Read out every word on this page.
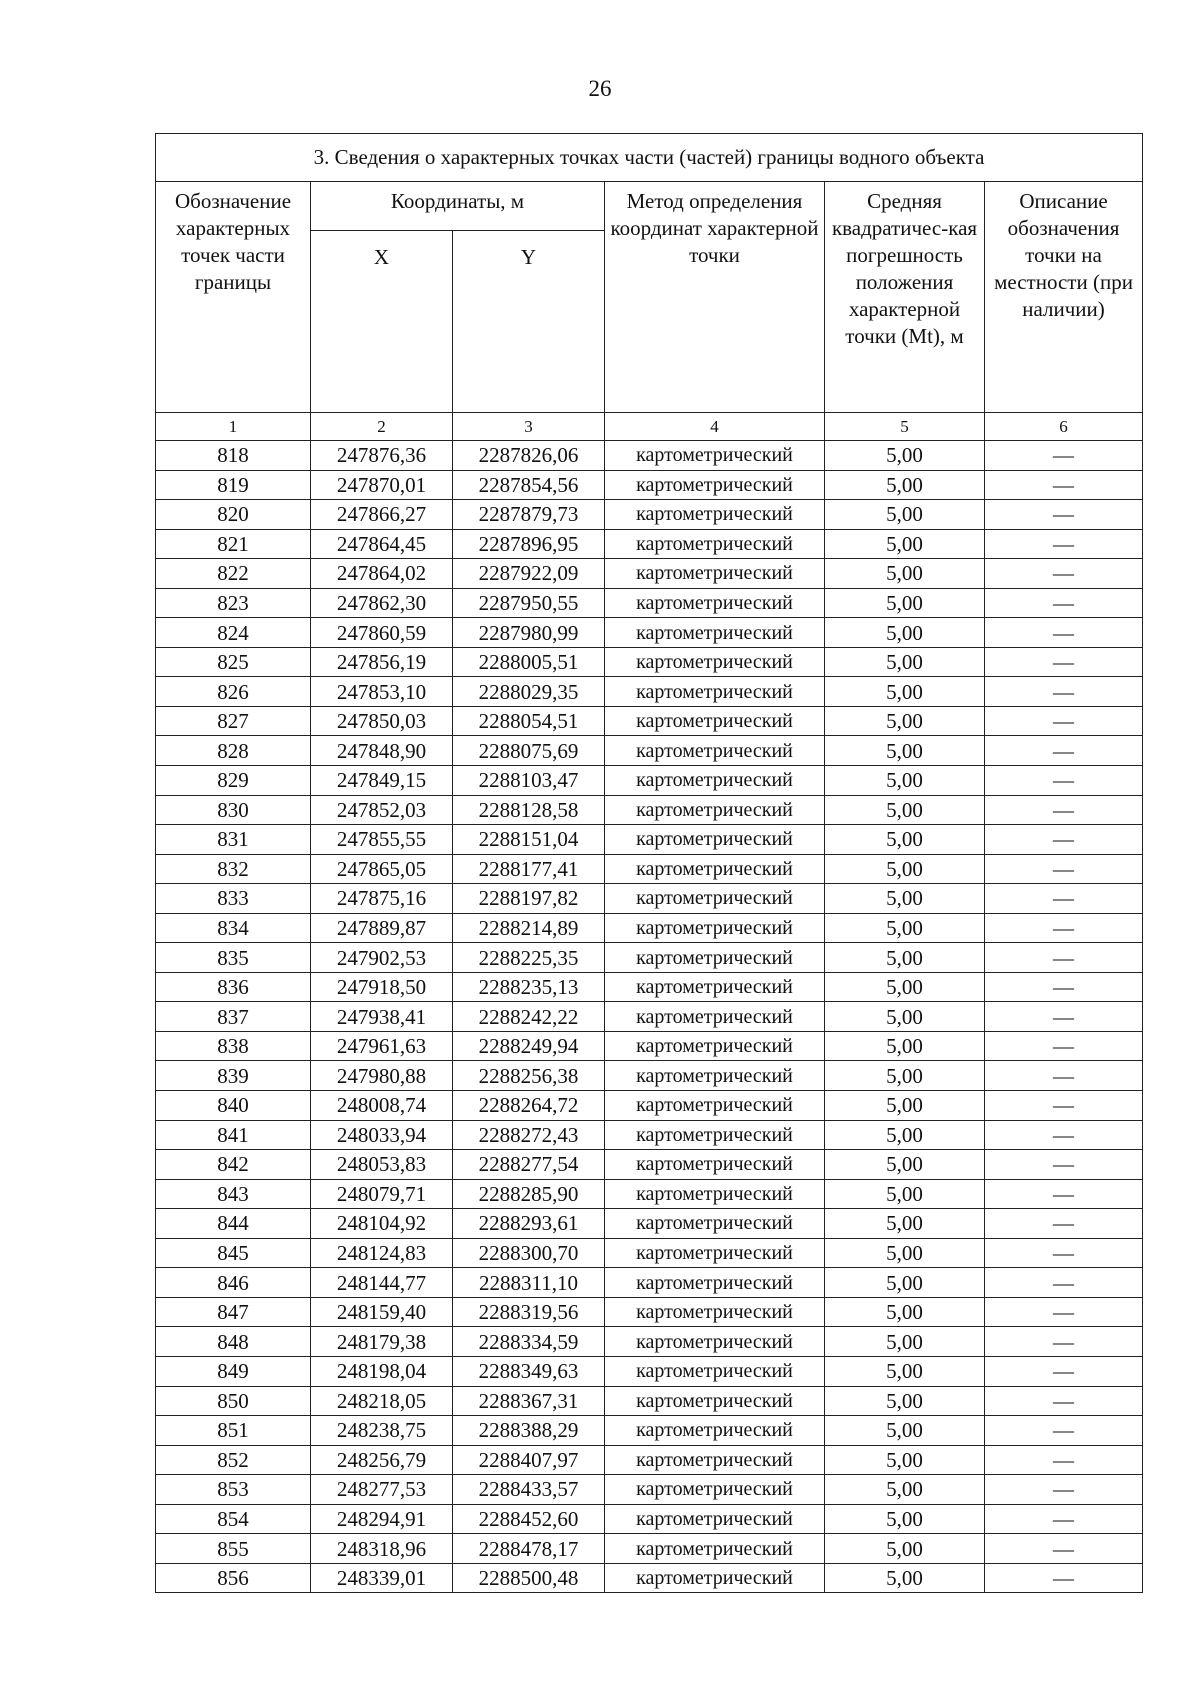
26
3. Сведения о характерных точках части (частей) границы водного объекта					
Обозначение характерных точек части границы	Координаты, м		Метод определения координат характерной точки	Средняя квадратичес-кая погрешность положения характерной точки (Mt), м	Описание обозначения точки на местности (при наличии)
	X	Y			
1	2	3	4	5	6
818	247876,36	2287826,06	картометрический	5,00	—
819	247870,01	2287854,56	картометрический	5,00	—
820	247866,27	2287879,73	картометрический	5,00	—
821	247864,45	2287896,95	картометрический	5,00	—
822	247864,02	2287922,09	картометрический	5,00	—
823	247862,30	2287950,55	картометрический	5,00	—
824	247860,59	2287980,99	картометрический	5,00	—
825	247856,19	2288005,51	картометрический	5,00	—
826	247853,10	2288029,35	картометрический	5,00	—
827	247850,03	2288054,51	картометрический	5,00	—
828	247848,90	2288075,69	картометрический	5,00	—
829	247849,15	2288103,47	картометрический	5,00	—
830	247852,03	2288128,58	картометрический	5,00	—
831	247855,55	2288151,04	картометрический	5,00	—
832	247865,05	2288177,41	картометрический	5,00	—
833	247875,16	2288197,82	картометрический	5,00	—
834	247889,87	2288214,89	картометрический	5,00	—
835	247902,53	2288225,35	картометрический	5,00	—
836	247918,50	2288235,13	картометрический	5,00	—
837	247938,41	2288242,22	картометрический	5,00	—
838	247961,63	2288249,94	картометрический	5,00	—
839	247980,88	2288256,38	картометрический	5,00	—
840	248008,74	2288264,72	картометрический	5,00	—
841	248033,94	2288272,43	картометрический	5,00	—
842	248053,83	2288277,54	картометрический	5,00	—
843	248079,71	2288285,90	картометрический	5,00	—
844	248104,92	2288293,61	картометрический	5,00	—
845	248124,83	2288300,70	картометрический	5,00	—
846	248144,77	2288311,10	картометрический	5,00	—
847	248159,40	2288319,56	картометрический	5,00	—
848	248179,38	2288334,59	картометрический	5,00	—
849	248198,04	2288349,63	картометрический	5,00	—
850	248218,05	2288367,31	картометрический	5,00	—
851	248238,75	2288388,29	картометрический	5,00	—
852	248256,79	2288407,97	картометрический	5,00	—
853	248277,53	2288433,57	картометрический	5,00	—
854	248294,91	2288452,60	картометрический	5,00	—
855	248318,96	2288478,17	картометрический	5,00	—
856	248339,01	2288500,48	картометрический	5,00	—
